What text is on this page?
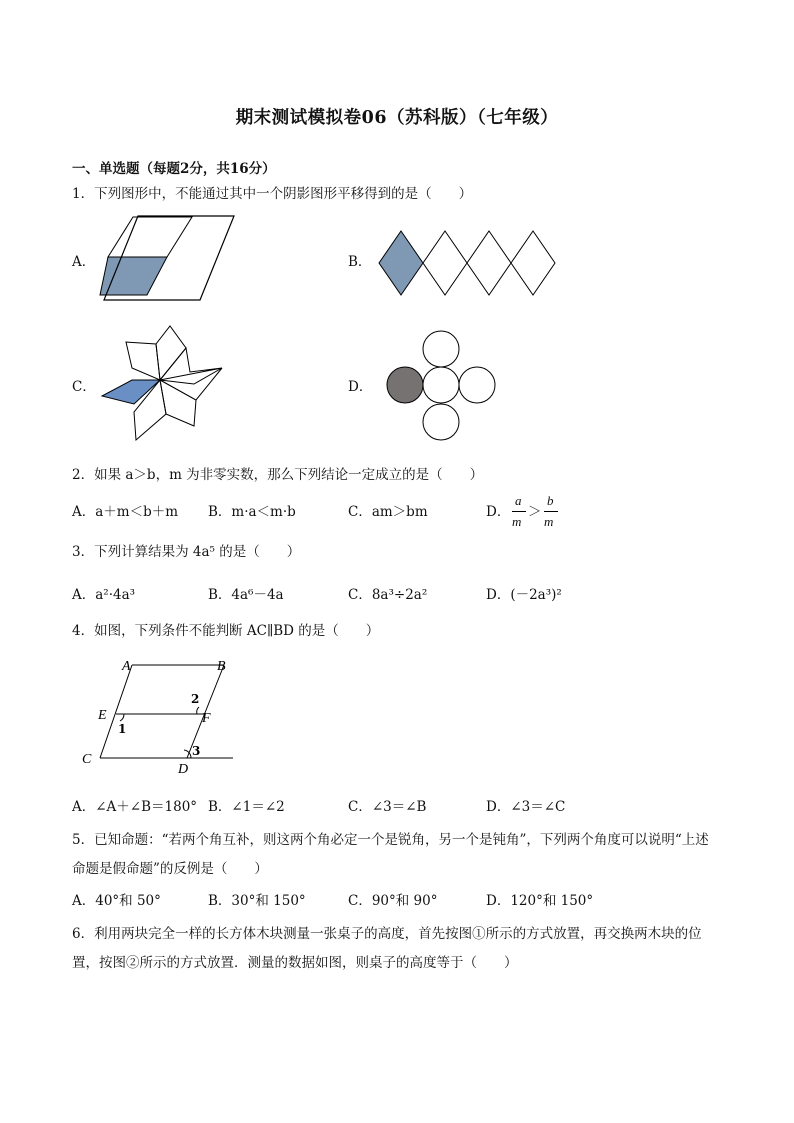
期末测试模拟卷06（苏科版）（七年级）
一、单选题（每题2分，共16分）
1．下列图形中，不能通过其中一个阴影图形平移得到的是（　　）
A．	B．
C．	D．
2．如果 a＞b，m 为非零实数，那么下列结论一定成立的是（　　）
A．a＋m＜b＋m B．m·a＜m·b	C．am＞bm	D．
a
m
＞
b
m
3．下列计算结果为 4a⁵ 的是（　　）
A．a²·4a³	B．4a⁶－4a	C．8a³÷2a²	D．(－2a³)²
4．如图，下列条件不能判断 AC∥BD 的是（　　）
A	B
C
D
E	F
1
2
3
A．∠A＋∠B＝180° B．∠1＝∠2	C．∠3＝∠B	D．∠3＝∠C
5．已知命题：“若两个角互补，则这两个角必定一个是锐角，另一个是钝角”，下列两个角度可以说明“上述
命题是假命题”的反例是（　　）
A．40°和 50°	B．30°和 150°	C．90°和 90°	D．120°和 150°
6．利用两块完全一样的长方体木块测量一张桌子的高度，首先按图①所示的方式放置，再交换两木块的位
置，按图②所示的方式放置．测量的数据如图，则桌子的高度等于（　　）
